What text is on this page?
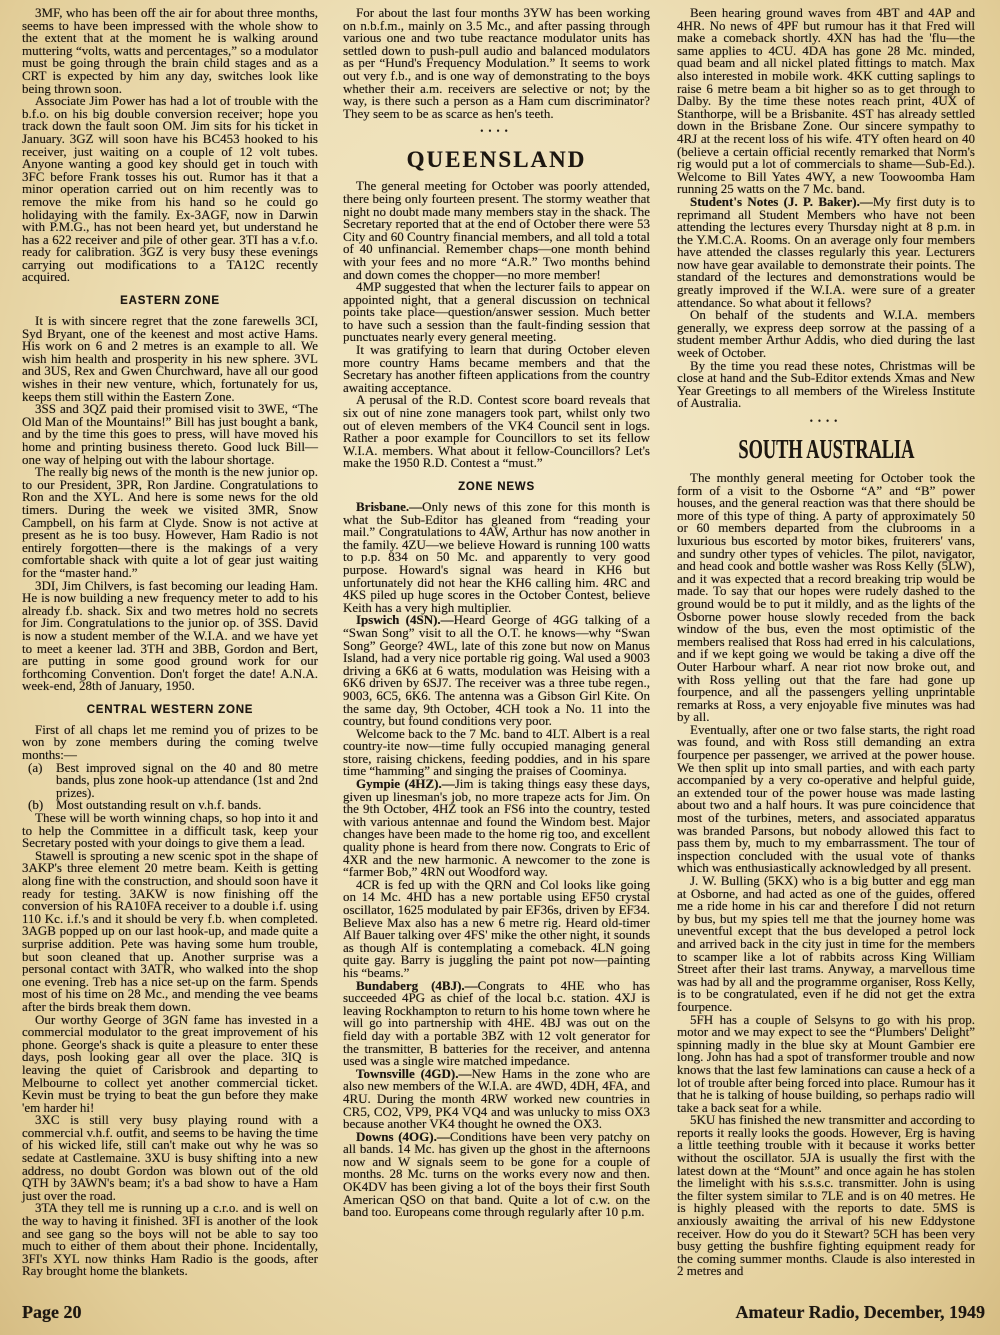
3MF, who has been off the air for about three months, seems to have been impressed with the whole show to the extent that at the moment he is walking around muttering “volts, watts and percentages,” so a modulator must be going through the brain child stages and as a CRT is expected by him any day, switches look like being thrown soon.

Associate Jim Power has had a lot of trouble with the b.f.o. on his big double conversion receiver; hope you track down the fault soon OM. Jim sits for his ticket in January. 3GZ will soon have his BC453 hooked to his receiver, just waiting on a couple of 12 volt tubes. Anyone wanting a good key should get in touch with 3FC before Frank tosses his out. Rumor has it that a minor operation carried out on him recently was to remove the mike from his hand so he could go holidaying with the family. Ex-3AGF, now in Darwin with P.M.G., has not been heard yet, but understand he has a 622 receiver and pile of other gear. 3TI has a v.f.o. ready for calibration. 3GZ is very busy these evenings carrying out modifications to a TA12C recently acquired.

EASTERN ZONE

It is with sincere regret that the zone farewells 3CI, Syd Bryant, one of the keenest and most active Hams. His work on 6 and 2 metres is an example to all. We wish him health and prosperity in his new sphere. 3VL and 3US, Rex and Gwen Churchward, have all our good wishes in their new venture, which, fortunately for us, keeps them still within the Eastern Zone.

3SS and 3QZ paid their promised visit to 3WE, “The Old Man of the Mountains!” Bill has just bought a bank, and by the time this goes to press, will have moved his home and printing business thereto. Good luck Bill—one way of helping out with the labour shortage.

The really big news of the month is the new junior op. to our President, 3PR, Ron Jardine. Congratulations to Ron and the XYL. And here is some news for the old timers. During the week we visited 3MR, Snow Campbell, on his farm at Clyde. Snow is not active at present as he is too busy. However, Ham Radio is not entirely forgotten—there is the makings of a very comfortable shack with quite a lot of gear just waiting for the “master hand.”

3DI, Jim Chilvers, is fast becoming our leading Ham. He is now building a new frequency meter to add to his already f.b. shack. Six and two metres hold no secrets for Jim. Congratulations to the junior op. of 3SS. David is now a student member of the W.I.A. and we have yet to meet a keener lad. 3TH and 3BB, Gordon and Bert, are putting in some good ground work for our forthcoming Convention. Don't forget the date! A.N.A. week-end, 28th of January, 1950.

CENTRAL WESTERN ZONE

First of all chaps let me remind you of prizes to be won by zone members during the coming twelve months:—

(a)	Best improved signal on the 40 and 80 metre bands, plus zone hook-up attendance (1st and 2nd prizes).
(b) Most outstanding result on v.h.f. bands.

These will be worth winning chaps, so hop into it and to help the Committee in a difficult task, keep your Secretary posted with your doings to give them a lead.

Stawell is sprouting a new scenic spot in the shape of 3AKP's three element 20 metre beam. Keith is getting along fine with the construction, and should soon have it ready for testing. 3AKW is now finishing off the conversion of his RA10FA receiver to a double i.f. using 110 Kc. i.f.'s and it should be very f.b. when completed. 3AGB popped up on our last hook-up, and made quite a surprise addition. Pete was having some hum trouble, but soon cleaned that up. Another surprise was a personal contact with 3ATR, who walked into the shop one evening. Treb has a nice set-up on the farm. Spends most of his time on 28 Mc., and mending the vee beams after the birds break them down.

Our worthy George of 3GN fame has invested in a commercial modulator to the great improvement of his phone. George's shack is quite a pleasure to enter these days, posh looking gear all over the place. 3IQ is leaving the quiet of Carisbrook and departing to Melbourne to collect yet another commercial ticket. Kevin must be trying to beat the gun before they make 'em harder hi!

3XC is still very busy playing round with a commercial v.h.f. outfit, and seems to be having the time of his wicked life, still can't make out why he was so sedate at Castlemaine. 3XU is busy shifting into a new address, no doubt Gordon was blown out of the old QTH by 3AWN's beam; it's a bad show to have a Ham just over the road.

3TA they tell me is running up a c.r.o. and is well on the way to having it finished. 3FI is another of the look and see gang so the boys will not be able to say too much to either of them about their phone. Incidentally, 3FI's XYL now thinks Ham Radio is the goods, after Ray brought home the blankets.

For about the last four months 3YW has been working on n.b.f.m., mainly on 3.5 Mc., and after passing through various one and two tube reactance modulator units has settled down to push-pull audio and balanced modulators as per “Hund's Frequency Modulation.” It seems to work out very f.b., and is one way of demonstrating to the boys whether their a.m. receivers are selective or not; by the way, is there such a person as a Ham cum discriminator? They seem to be as scarce as hen's teeth.

••••
QUEENSLAND

The general meeting for October was poorly attended, there being only fourteen present. The stormy weather that night no doubt made many members stay in the shack. The Secretary reported that at the end of October there were 53 City and 60 Country financial members, and all told a total of 40 unfinancial. Remember chaps—one month behind with your fees and no more “A.R.” Two months behind and down comes the chopper—no more member!

4MP suggested that when the lecturer fails to appear on appointed night, that a general discussion on technical points take place—question/answer session. Much better to have such a session than the fault-finding session that punctuates nearly every general meeting.

It was gratifying to learn that during October eleven more country Hams became members and that the Secretary has another fifteen applications from the country awaiting acceptance.

A perusal of the R.D. Contest score board reveals that six out of nine zone managers took part, whilst only two out of eleven members of the VK4 Council sent in logs. Rather a poor example for Councillors to set its fellow W.I.A. members. What about it fellow-Councillors? Let's make the 1950 R.D. Contest a “must.”

ZONE NEWS

Brisbane.—Only news of this zone for this month is what the Sub-Editor has gleaned from “reading your mail.” Congratulations to 4AW, Arthur has now another in the family. 4ZU—we believe Howard is running 100 watts to p.p. 834 on 50 Mc. and apparently to very good purpose. Howard's signal was heard in KH6 but unfortunately did not hear the KH6 calling him. 4RC and 4KS piled up huge scores in the October Contest, believe Keith has a very high multiplier.

Ipswich (4SN).—Heard George of 4GG talking of a “Swan Song” visit to all the O.T. he knows—why “Swan Song” George? 4WL, late of this zone but now on Manus Island, had a very nice portable rig going. Wal used a 9003 driving a 6K6 at 6 watts, modulation was Heising with a 6K6 driven by 6SJ7. The receiver was a three tube regen., 9003, 6C5, 6K6. The antenna was a Gibson Girl Kite. On the same day, 9th October, 4CH took a No. 11 into the country, but found conditions very poor.

Welcome back to the 7 Mc. band to 4LT. Albert is a real country-ite now—time fully occupied managing general store, raising chickens, feeding poddies, and in his spare time “hamming” and singing the praises of Coominya.

Gympie (4HZ).—Jim is taking things easy these days, given up linesman's job, no more trapeze acts for Jim. On the 9th October, 4HZ took an FS6 into the country, tested with various antennae and found the Windom best. Major changes have been made to the home rig too, and excellent quality phone is heard from there now. Congrats to Eric of 4XR and the new harmonic. A newcomer to the zone is “farmer Bob,” 4RN out Woodford way.

4CR is fed up with the QRN and Col looks like going on 14 Mc. 4HD has a new portable using EF50 crystal oscillator, 1625 modulated by pair EF36s, driven by EF34. Believe Max also has a new 6 metre rig. Heard old-timer Alf Bauer talking over 4FS' mike the other night, it sounds as though Alf is contemplating a comeback. 4LN going quite gay. Barry is juggling the paint pot now—painting his “beams.”

Bundaberg (4BJ).—Congrats to 4HE who has succeeded 4PG as chief of the local b.c. station. 4XJ is leaving Rockhampton to return to his home town where he will go into partnership with 4HE. 4BJ was out on the field day with a portable 3BZ with 12 volt generator for the transmitter, B batteries for the receiver, and antenna used was a single wire matched impedance.

Townsville (4GD).—New Hams in the zone who are also new members of the W.I.A. are 4WD, 4DH, 4FA, and 4RU. During the month 4RW worked new countries in CR5, CO2, VP9, PK4 VQ4 and was unlucky to miss OX3 because another VK4 thought he owned the OX3.

Downs (4OG).—Conditions have been very patchy on all bands. 14 Mc. has given up the ghost in the afternoons now and W signals seem to be gone for a couple of months. 28 Mc. turns on the works every now and then. OK4DV has been giving a lot of the boys their first South American QSO on that band. Quite a lot of c.w. on the band too. Europeans come through regularly after 10 p.m.

Been hearing ground waves from 4BT and 4AP and 4HR. No news of 4PF but rumour has it that Fred will make a comeback shortly. 4XN has had the 'flu—the same applies to 4CU. 4DA has gone 28 Mc. minded, quad beam and all nickel plated fittings to match. Max also interested in mobile work. 4KK cutting saplings to raise 6 metre beam a bit higher so as to get through to Dalby. By the time these notes reach print, 4UX of Stanthorpe, will be a Brisbanite. 4ST has already settled down in the Brisbane Zone. Our sincere sympathy to 4RJ at the recent loss of his wife. 4TY often heard on 40 (believe a certain official recently remarked that Norm's rig would put a lot of commercials to shame—Sub-Ed.). Welcome to Bill Yates 4WY, a new Toowoomba Ham running 25 watts on the 7 Mc. band.

Student's Notes (J. P. Baker).—My first duty is to reprimand all Student Members who have not been attending the lectures every Thursday night at 8 p.m. in the Y.M.C.A. Rooms. On an average only four members have attended the classes regularly this year. Lecturers now have gear available to demonstrate their points. The standard of the lectures and demonstrations would be greatly improved if the W.I.A. were sure of a greater attendance. So what about it fellows?

On behalf of the students and W.I.A. members generally, we express deep sorrow at the passing of a student member Arthur Addis, who died during the last week of October.

By the time you read these notes, Christmas will be close at hand and the Sub-Editor extends Xmas and New Year Greetings to all members of the Wireless Institute of Australia.

••••
SOUTH AUSTRALIA

The monthly general meeting for October took the form of a visit to the Osborne “A” and “B” power houses, and the general reaction was that there should be more of this type of thing. A party of approximately 50 or 60 members departed from the clubrooms in a luxurious bus escorted by motor bikes, fruiterers' vans, and sundry other types of vehicles. The pilot, navigator, and head cook and bottle washer was Ross Kelly (5LW), and it was expected that a record breaking trip would be made. To say that our hopes were rudely dashed to the ground would be to put it mildly, and as the lights of the Osborne power house slowly receded from the back window of the bus, even the most optimistic of the members realised that Ross had erred in his calculations, and if we kept going we would be taking a dive off the Outer Harbour wharf. A near riot now broke out, and with Ross yelling out that the fare had gone up fourpence, and all the passengers yelling unprintable remarks at Ross, a very enjoyable five minutes was had by all.

Eventually, after one or two false starts, the right road was found, and with Ross still demanding an extra fourpence per passenger, we arrived at the power house. We then split up into small parties, and with each party accompanied by a very co-operative and helpful guide, an extended tour of the power house was made lasting about two and a half hours. It was pure coincidence that most of the turbines, meters, and associated apparatus was branded Parsons, but nobody allowed this fact to pass them by, much to my embarrassment. The tour of inspection concluded with the usual vote of thanks which was enthusiastically acknowledged by all present.

J. W. Bulling (5KX) who is a big butter and egg man at Osborne, and had acted as one of the guides, offered me a ride home in his car and therefore I did not return by bus, but my spies tell me that the journey home was uneventful except that the bus developed a petrol lock and arrived back in the city just in time for the members to scamper like a lot of rabbits across King William Street after their last trams. Anyway, a marvellous time was had by all and the programme organiser, Ross Kelly, is to be congratulated, even if he did not get the extra fourpence.

5FH has a couple of Selsyns to go with his prop. motor and we may expect to see the “Plumbers' Delight” spinning madly in the blue sky at Mount Gambier ere long. John has had a spot of transformer trouble and now knows that the last few laminations can cause a heck of a lot of trouble after being forced into place. Rumour has it that he is talking of house building, so perhaps radio will take a back seat for a while.

5KU has finished the new transmitter and according to reports it really looks the goods. However, Erg is having a little teething trouble with it because it works better without the oscillator. 5JA is usually the first with the latest down at the “Mount” and once again he has stolen the limelight with his s.s.s.c. transmitter. John is using the filter system similar to 7LE and is on 40 metres. He is highly pleased with the reports to date. 5MS is anxiously awaiting the arrival of his new Eddystone receiver. How do you do it Stewart? 5CH has been very busy getting the bushfire fighting equipment ready for the coming summer months. Claude is also interested in 2 metres and

Page 20	Amateur Radio, December, 1949
